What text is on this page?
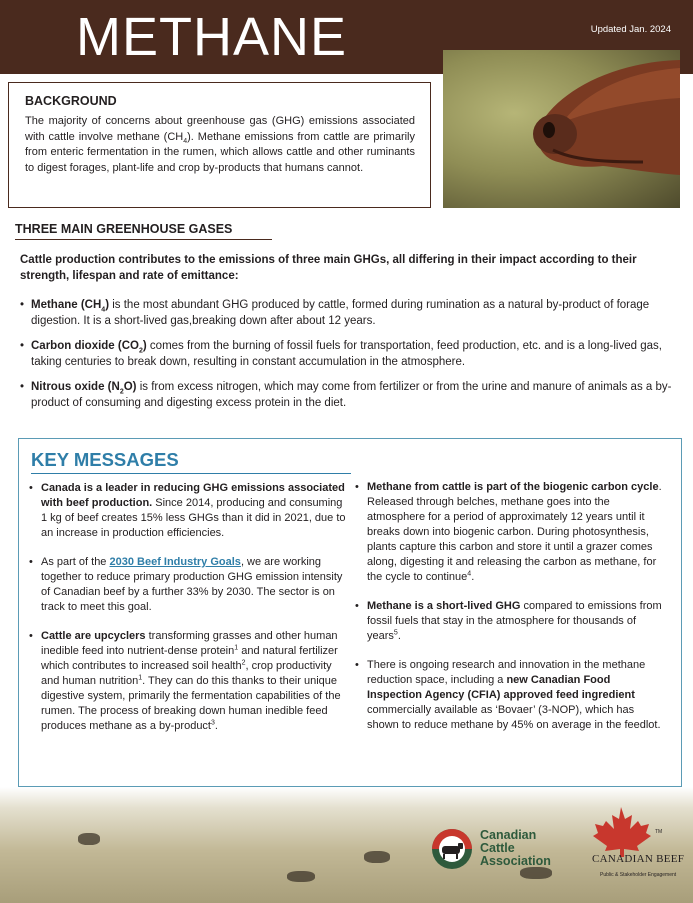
METHANE	Updated Jan. 2024
BACKGROUND

The majority of concerns about greenhouse gas (GHG) emissions associated with cattle involve methane $(CH_4)$. Methane emissions from cattle are primarily from enteric fermentation in the rumen, which allows cattle and other ruminants to digest forages, plant-life and crop by-products that humans cannot.

THREE MAIN GREENHOUSE GASES

Cattle production contributes to the emissions of three main GHGs, all differing in their impact according to their strength, lifespan and rate of emittance:

• Methane $(CH_4)$ is the most abundant GHG produced by cattle, formed during rumination as a natural by-product of forage digestion. It is a short-lived gas,breaking down after about 12 years.
• Carbon dioxide $(CO_2)$ comes from the burning of fossil fuels for transportation, feed production, etc. and is a long-lived gas, taking centuries to break down, resulting in constant accumulation in the atmosphere.
• Nitrous oxide $(N_2O)$ is from excess nitrogen, which may come from fertilizer or from the urine and manure of animals as a by-product of consuming and digesting excess protein in the diet.
KEY MESSAGES
• Canada is a leader in reducing GHG emissions associated with beef production. Since 2014, producing and consuming 1 kg of beef creates 15% less GHGs than it did in 2021, due to an increase in production efficiencies.
• As part of the 2030 Beef Industry Goals, we are working together to reduce primary production GHG emission intensity of Canadian beef by a further 33% by 2030. The sector is on track to meet this goal.
• Cattle are upcyclers transforming grasses and other human inedible feed into nutrient-dense protein$^1$ and natural fertilizer which contributes to increased soil health$^2$, crop productivity and human nutrition$^1$. They can do this thanks to their unique digestive system, primarily the fermentation capabilities of the rumen. The process of breaking down human inedible feed produces methane as a by-product$^3$.
• Methane from cattle is part of the biogenic carbon cycle. Released through belches, methane goes into the atmosphere for a period of approximately 12 years until it breaks down into biogenic carbon. During photosynthesis, plants capture this carbon and store it until a grazer comes along, digesting it and releasing the carbon as methane, for the cycle to continue$^4$.
• Methane is a short-lived GHG compared to emissions from fossil fuels that stay in the atmosphere for thousands of years$^5$.
• There is ongoing research and innovation in the methane reduction space, including a new Canadian Food Inspection Agency (CFIA) approved feed ingredient commercially available as ‘Bovaer’ (3-NOP), which has shown to reduce methane by 45% on average in the feedlot.
Canadian
Cattle
Association
TM
CANADIAN BEEF
Public & Stakeholder Engagement
